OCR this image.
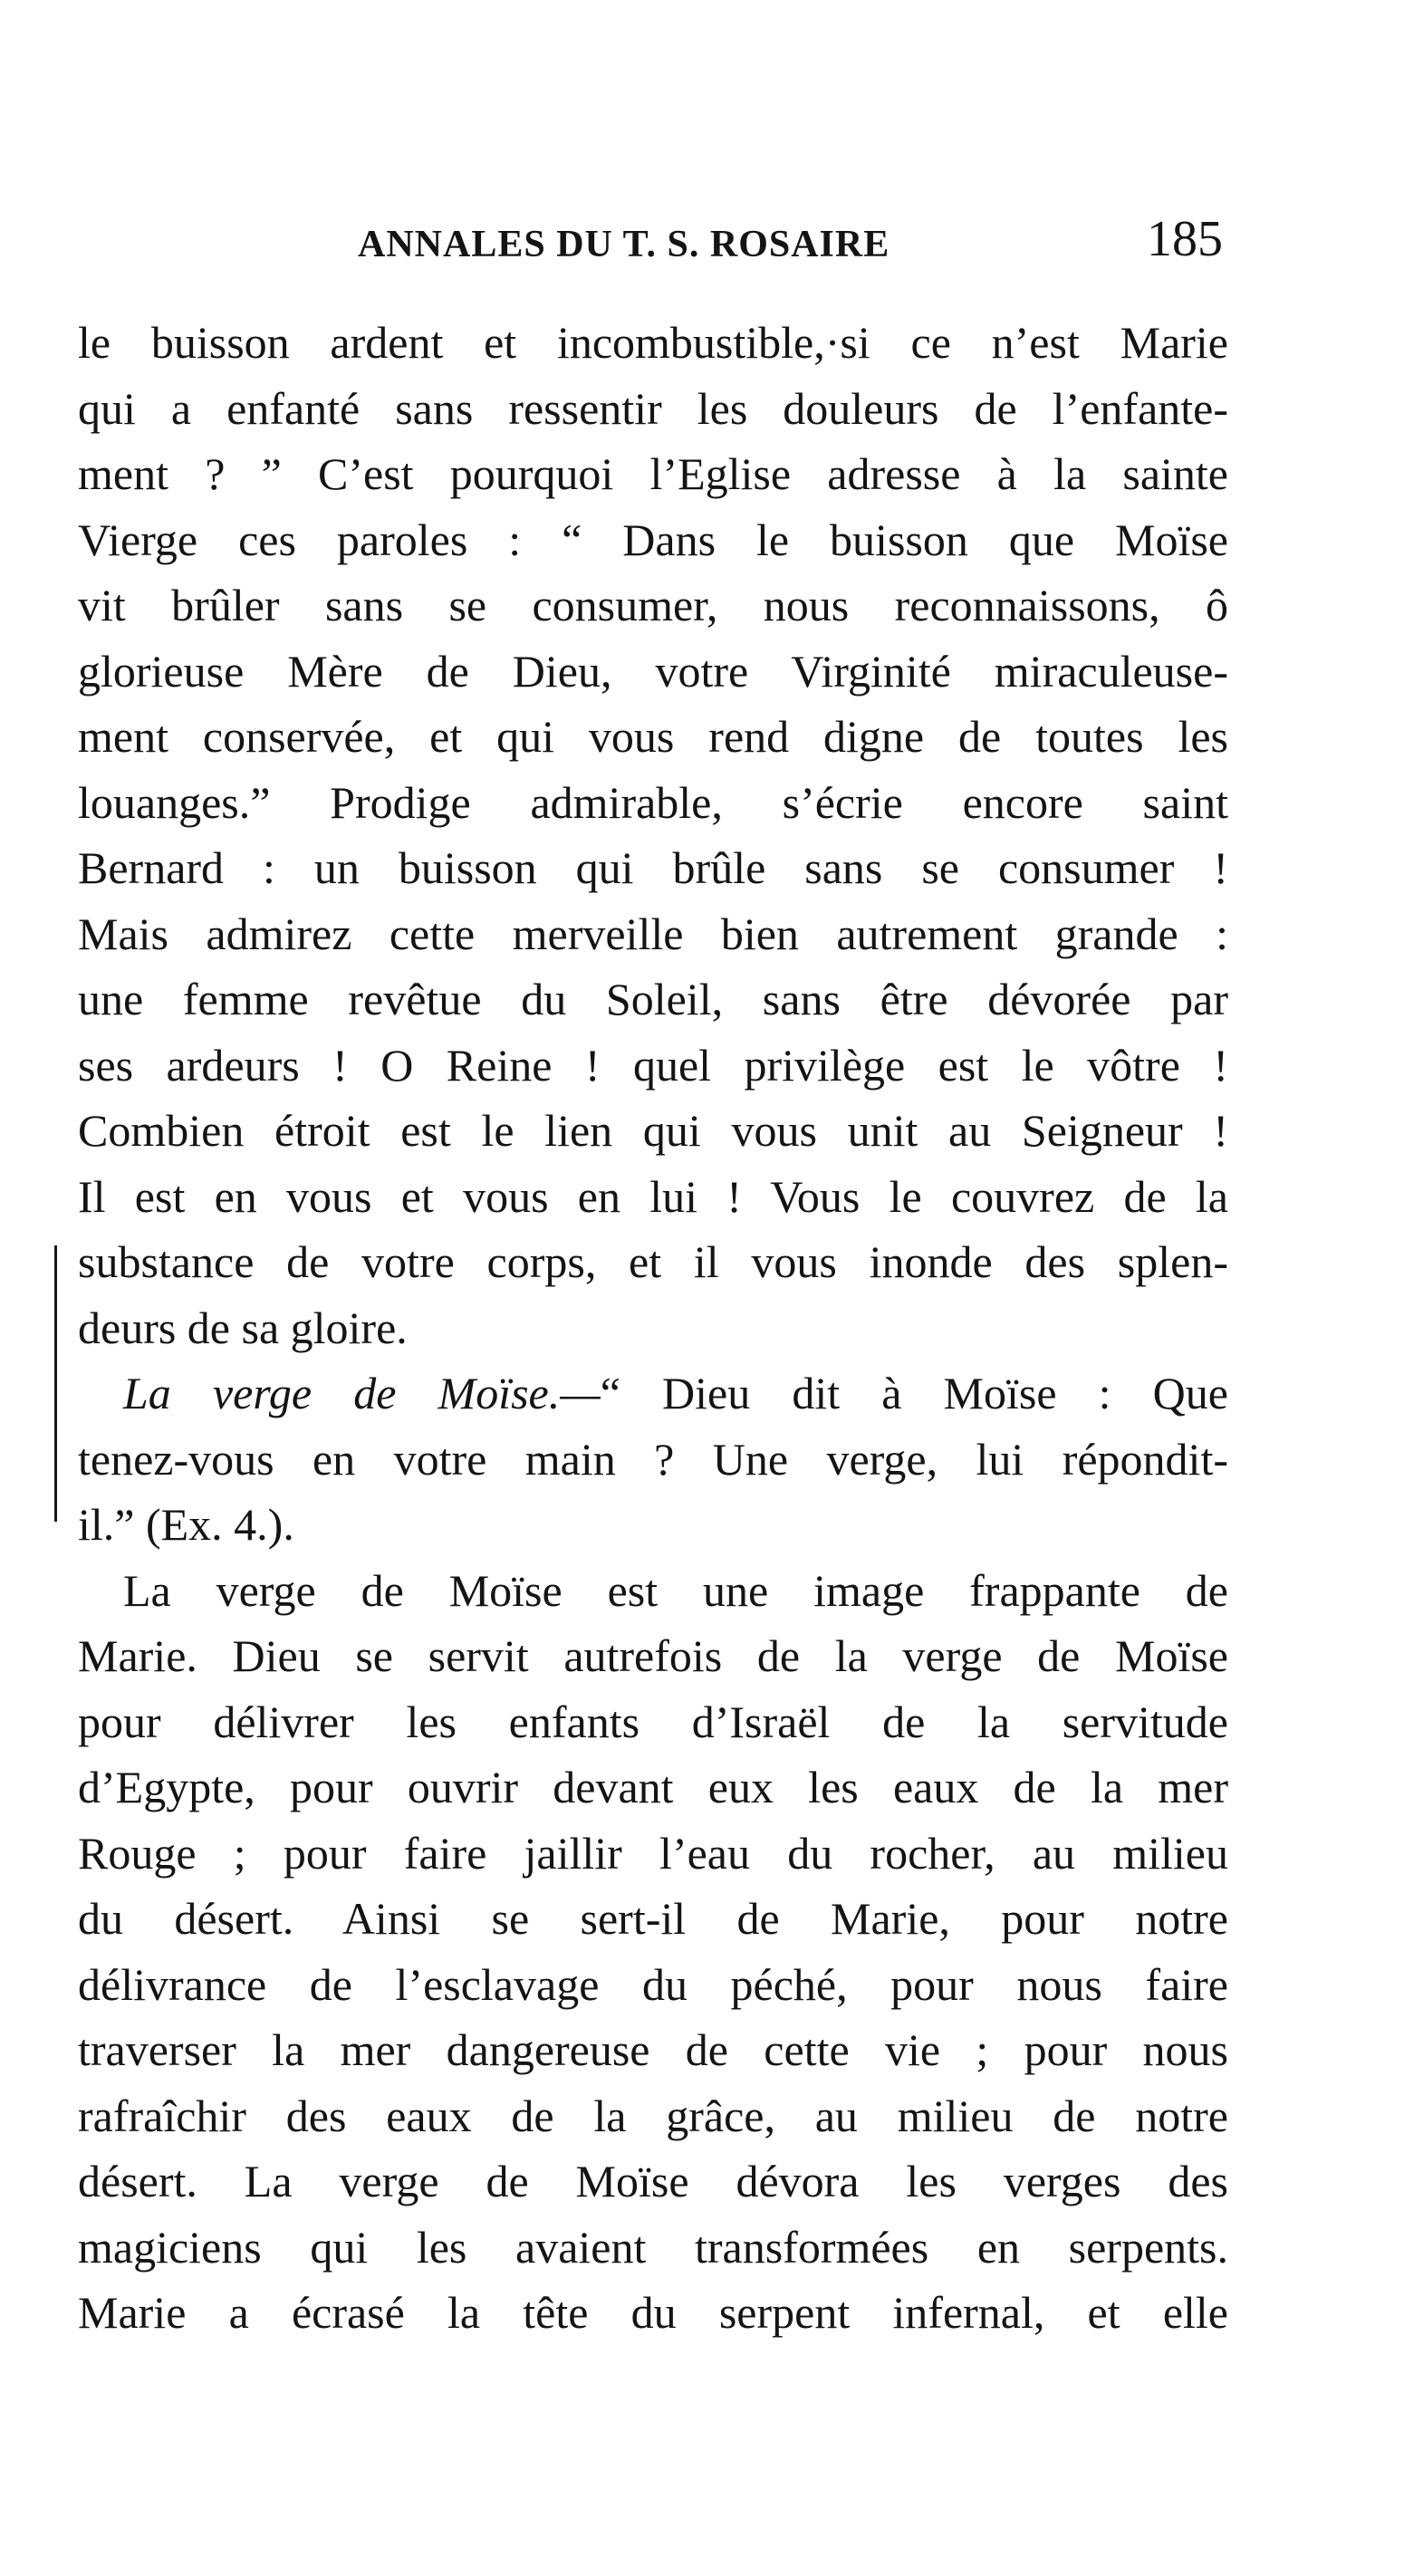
ANNALES DU T. S. ROSAIRE	185
le buisson ardent et incombustible,·si ce n’est Marie
qui a enfanté sans ressentir les douleurs de l’enfante-
ment ? ” C’est pourquoi l’Eglise adresse à la sainte
Vierge ces paroles : “ Dans le buisson que Moïse
vit brûler sans se consumer, nous reconnaissons, ô
glorieuse Mère de Dieu, votre Virginité miraculeuse-
ment conservée, et qui vous rend digne de toutes les
louanges.” Prodige admirable, s’écrie encore saint
Bernard : un buisson qui brûle sans se consumer !
Mais admirez cette merveille bien autrement grande :
une femme revêtue du Soleil, sans être dévorée par
ses ardeurs ! O Reine ! quel privilège est le vôtre !
Combien étroit est le lien qui vous unit au Seigneur !
Il est en vous et vous en lui ! Vous le couvrez de la
substance de votre corps, et il vous inonde des splen-
deurs de sa gloire.
La verge de Moïse.—“ Dieu dit à Moïse : Que
tenez-vous en votre main ? Une verge, lui répondit-
il.” (Ex. 4.).
La verge de Moïse est une image frappante de
Marie. Dieu se servit autrefois de la verge de Moïse
pour délivrer les enfants d’Israël de la servitude
d’Egypte, pour ouvrir devant eux les eaux de la mer
Rouge ; pour faire jaillir l’eau du rocher, au milieu
du désert. Ainsi se sert-il de Marie, pour notre
délivrance de l’esclavage du péché, pour nous faire
traverser la mer dangereuse de cette vie ; pour nous
rafraîchir des eaux de la grâce, au milieu de notre
désert. La verge de Moïse dévora les verges des
magiciens qui les avaient transformées en serpents.
Marie a écrasé la tête du serpent infernal, et elle
